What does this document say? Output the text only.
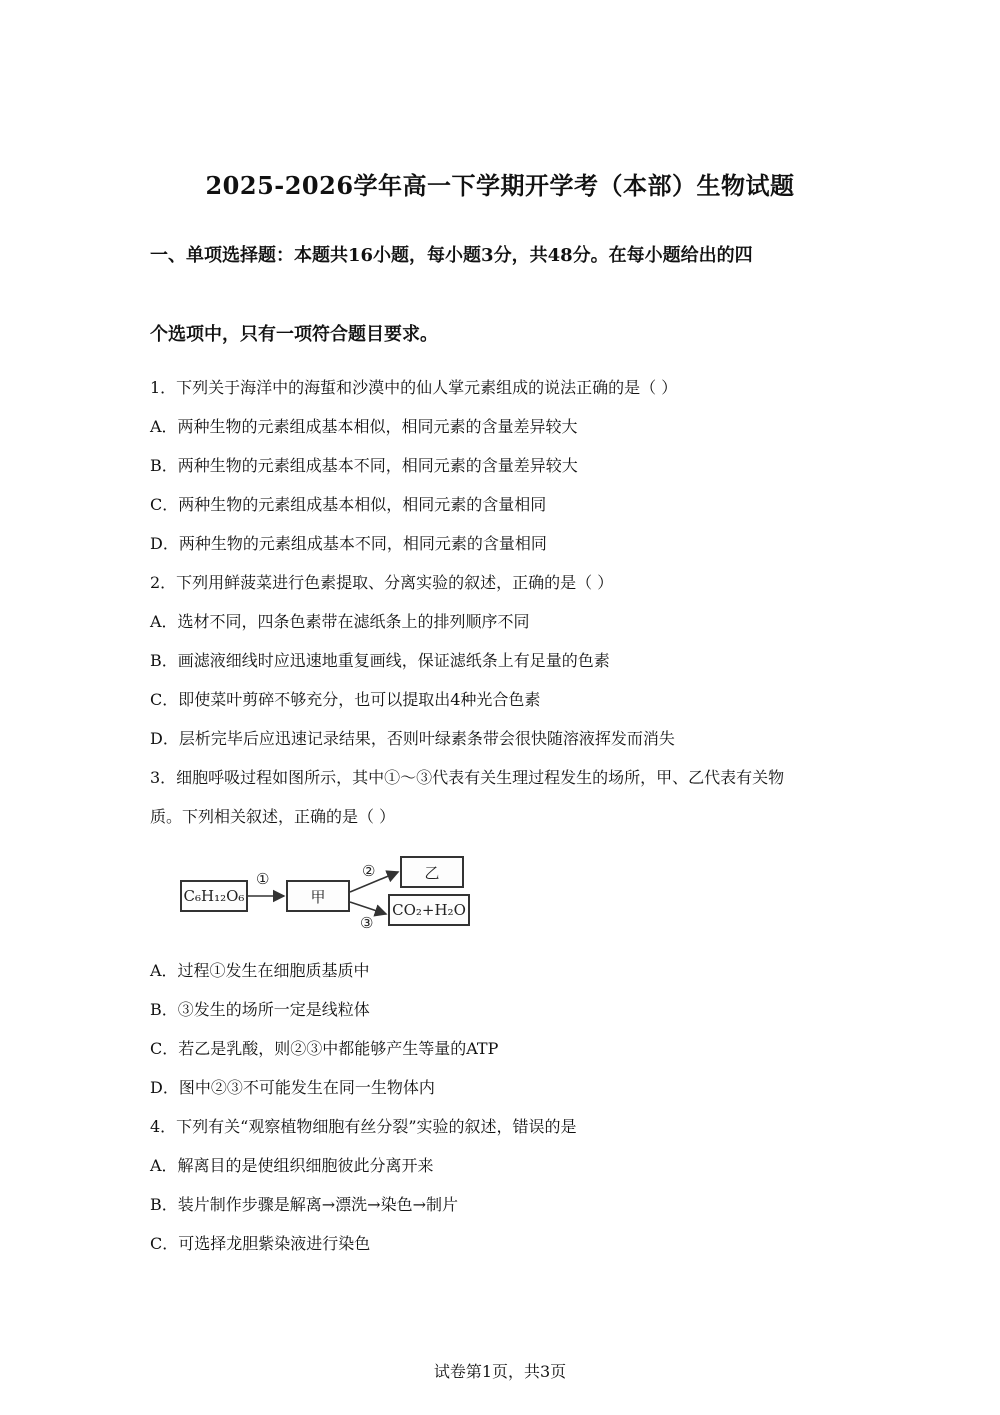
2025-2026学年高一下学期开学考（本部）生物试题
一、单项选择题：本题共16小题，每小题3分，共48分。在每小题给出的四
个选项中，只有一项符合题目要求。
1．下列关于海洋中的海蜇和沙漠中的仙人掌元素组成的说法正确的是（ ）
A．两种生物的元素组成基本相似，相同元素的含量差异较大
B．两种生物的元素组成基本不同，相同元素的含量差异较大
C．两种生物的元素组成基本相似，相同元素的含量相同
D．两种生物的元素组成基本不同，相同元素的含量相同
2．下列用鲜菠菜进行色素提取、分离实验的叙述，正确的是（ ）
A．选材不同，四条色素带在滤纸条上的排列顺序不同
B．画滤液细线时应迅速地重复画线，保证滤纸条上有足量的色素
C．即使菜叶剪碎不够充分，也可以提取出4种光合色素
D．层析完毕后应迅速记录结果，否则叶绿素条带会很快随溶液挥发而消失
3．细胞呼吸过程如图所示，其中①～③代表有关生理过程发生的场所，甲、乙代表有关物
质。下列相关叙述，正确的是（ ）
C₆H₁₂O₆	甲
乙
CO₂+H₂O
①	②
③
A．过程①发生在细胞质基质中
B．③发生的场所一定是线粒体
C．若乙是乳酸，则②③中都能够产生等量的ATP
D．图中②③不可能发生在同一生物体内
4．下列有关“观察植物细胞有丝分裂”实验的叙述，错误的是
A．解离目的是使组织细胞彼此分离开来
B．装片制作步骤是解离→漂洗→染色→制片
C．可选择龙胆紫染液进行染色
试卷第1页，共3页
